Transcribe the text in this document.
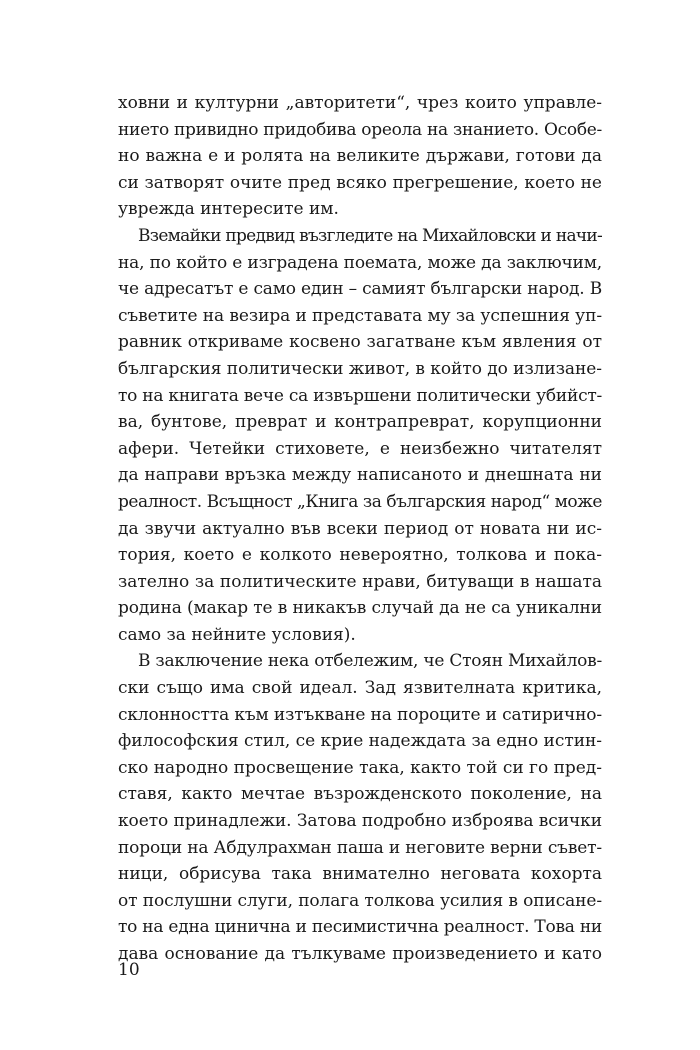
ховни и културни „авторитети“, чрез които управле-
нието привидно придобива ореола на знанието. Особе-
но важна е и ролята на великите държави, готови да
си затворят очите пред всяко прегрешение, което не
уврежда интересите им.
Вземайки предвид възгледите на Михайловски и начи-
на, по който е изградена поемата, може да заключим,
че адресатът е само един – самият български народ. В
съветите на везира и представата му за успешния уп-
равник откриваме косвено загатване към явления от
българския политически живот, в който до излизане-
то на книгата вече са извършени политически убийст-
ва, бунтове, преврат и контрапреврат, корупционни
афери. Четейки стиховете, е неизбежно читателят
да направи връзка между написаното и днешната ни
реалност. Всъщност „Книга за българския народ“ може
да звучи актуално във всеки период от новата ни ис-
тория, което е колкото невероятно, толкова и пока-
зателно за политическите нрави, битуващи в нашата
родина (макар те в никакъв случай да не са уникални
само за нейните условия).
В заключение нека отбележим, че Стоян Михайлов-
ски също има свой идеал. Зад язвителната критика,
склонността към изтъкване на пороците и сатирично-
философския стил, се крие надеждата за едно истин-
ско народно просвещение така, както той си го пред-
ставя, както мечтае възрожденското поколение, на
което принадлежи. Затова подробно изброява всички
пороци на Абдулрахман паша и неговите верни съвет-
ници, обрисува така внимателно неговата кохорта
от послушни слуги, полага толкова усилия в описане-
то на една цинична и песимистична реалност. Това ни
дава основание да тълкуваме произведението и като
10
